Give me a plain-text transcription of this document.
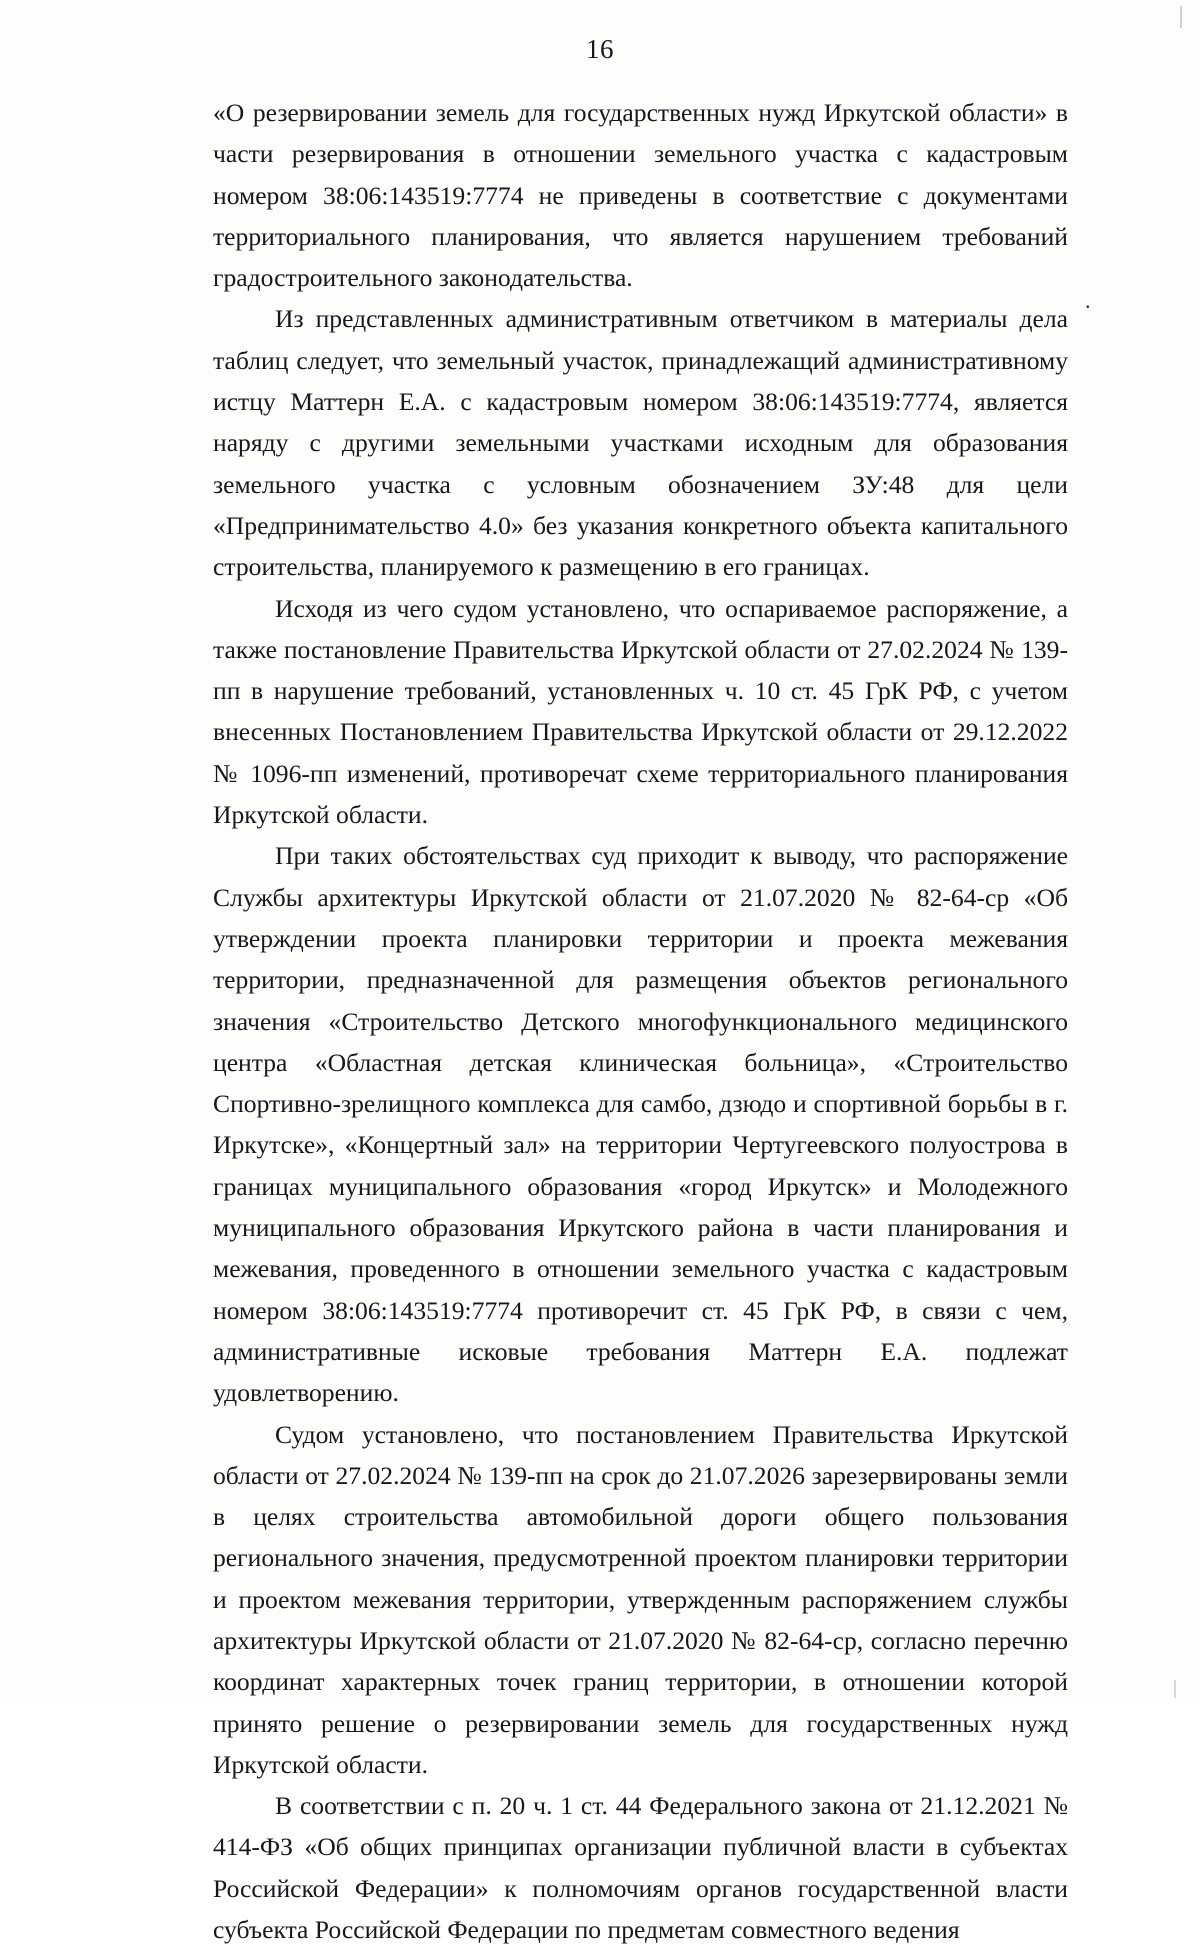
16

«О резервировании земель для государственных нужд Иркутской области» в части резервирования в отношении земельного участка с кадастровым номером 38:06:143519:7774 не приведены в соответствие с документами территориального планирования, что является нарушением требований градостроительного законодательства.

Из представленных административным ответчиком в материалы дела таблиц следует, что земельный участок, принадлежащий административному истцу Маттерн Е.А. с кадастровым номером 38:06:143519:7774, является наряду с другими земельными участками исходным для образования земельного участка с условным обозначением ЗУ:48 для цели «Предпринимательство 4.0» без указания конкретного объекта капитального строительства, планируемого к размещению в его границах.

Исходя из чего судом установлено, что оспариваемое распоряжение, а также постановление Правительства Иркутской области от 27.02.2024 № 139-пп в нарушение требований, установленных ч. 10 ст. 45 ГрК РФ, с учетом внесенных Постановлением Правительства Иркутской области от 29.12.2022 № 1096-пп изменений, противоречат схеме территориального планирования Иркутской области.

При таких обстоятельствах суд приходит к выводу, что распоряжение Службы архитектуры Иркутской области от 21.07.2020 № 82-64-ср «Об утверждении проекта планировки территории и проекта межевания территории, предназначенной для размещения объектов регионального значения «Строительство Детского многофункционального медицинского центра «Областная детская клиническая больница», «Строительство Спортивно-зрелищного комплекса для самбо, дзюдо и спортивной борьбы в г. Иркутске», «Концертный зал» на территории Чертугеевского полуострова в границах муниципального образования «город Иркутск» и Молодежного муниципального образования Иркутского района в части планирования и межевания, проведенного в отношении земельного участка с кадастровым номером 38:06:143519:7774 противоречит ст. 45 ГрК РФ, в связи с чем, административные исковые требования Маттерн Е.А. подлежат удовлетворению.

Судом установлено, что постановлением Правительства Иркутской области от 27.02.2024 № 139-пп на срок до 21.07.2026 зарезервированы земли в целях строительства автомобильной дороги общего пользования регионального значения, предусмотренной проектом планировки территории и проектом межевания территории, утвержденным распоряжением службы архитектуры Иркутской области от 21.07.2020 № 82-64-ср, согласно перечню координат характерных точек границ территории, в отношении которой принято решение о резервировании земель для государственных нужд Иркутской области.

В соответствии с п. 20 ч. 1 ст. 44 Федерального закона от 21.12.2021 № 414-ФЗ «Об общих принципах организации публичной власти в субъектах Российской Федерации» к полномочиям органов государственной власти субъекта Российской Федерации по предметам совместного ведения

.
